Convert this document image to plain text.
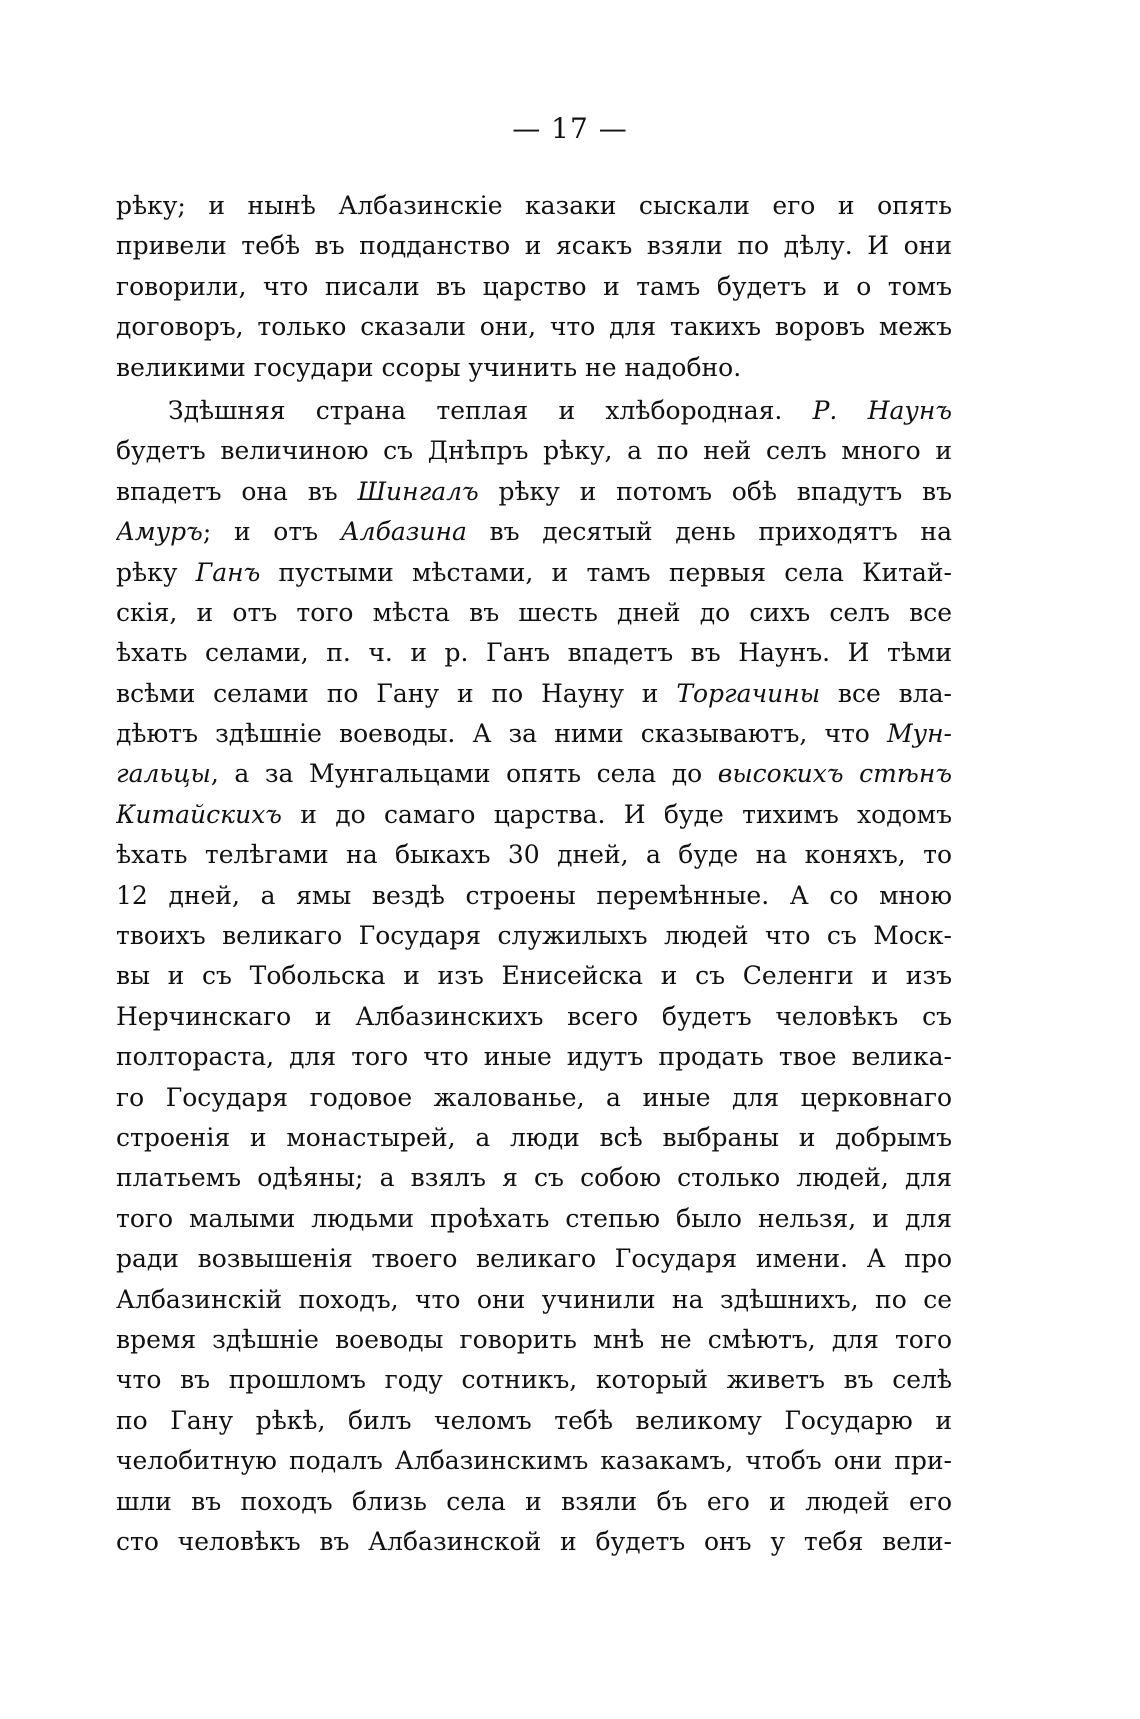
— 17 —
рѣку; и нынѣ Албазинскіе казаки сыскали его и опять
привели тебѣ въ подданство и ясакъ взяли по дѣлу. И они
говорили, что писали въ царство и тамъ будетъ и о томъ
договоръ, только сказали они, что для такихъ воровъ межъ
великими государи ссоры учинить не надобно.
Здѣшняя страна теплая и хлѣбородная. Р. Наунъ
будетъ величиною съ Днѣпръ рѣку, а по ней селъ много и
впадетъ она въ Шингалъ рѣку и потомъ обѣ впадутъ въ
Амуръ; и отъ Албазина въ десятый день приходятъ на
рѣку Ганъ пустыми мѣстами, и тамъ первыя села Китай-
скія, и отъ того мѣста въ шесть дней до сихъ селъ все
ѣхать селами, п. ч. и р. Ганъ впадетъ въ Наунъ. И тѣми
всѣми селами по Гану и по Науну и Торгачины все вла-
дѣютъ здѣшніе воеводы. А за ними сказываютъ, что Мун-
гальцы, а за Мунгальцами опять села до высокихъ стѣнъ
Китайскихъ и до самаго царства. И буде тихимъ ходомъ
ѣхать телѣгами на быкахъ 30 дней, а буде на коняхъ, то
12 дней, а ямы вездѣ строены перемѣнные. А со мною
твоихъ великаго Государя служилыхъ людей что съ Моск-
вы и съ Тобольска и изъ Енисейска и съ Селенги и изъ
Нерчинскаго и Албазинскихъ всего будетъ человѣкъ съ
полтораста, для того что иные идутъ продать твое велика-
го Государя годовое жалованье, а иные для церковнаго
строенія и монастырей, а люди всѣ выбраны и добрымъ
платьемъ одѣяны; а взялъ я съ собою столько людей, для
того малыми людьми проѣхать степью было нельзя, и для
ради возвышенія твоего великаго Государя имени. А про
Албазинскій походъ, что они учинили на здѣшнихъ, по се
время здѣшніе воеводы говорить мнѣ не смѣютъ, для того
что въ прошломъ году сотникъ, который живетъ въ селѣ
по Гану рѣкѣ, билъ челомъ тебѣ великому Государю и
челобитную подалъ Албазинскимъ казакамъ, чтобъ они при-
шли въ походъ близь села и взяли бъ его и людей его
сто человѣкъ въ Албазинской и будетъ онъ у тебя вели-
